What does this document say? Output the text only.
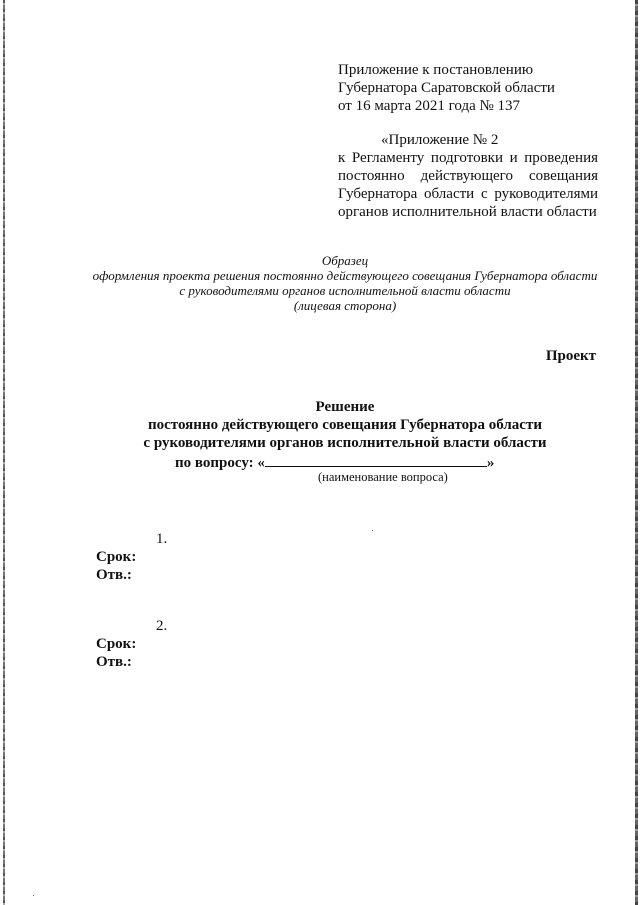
Приложение к постановлению
Губернатора Саратовской области
от 16 марта 2021 года № 137
«Приложение № 2
к Регламенту подготовки и проведения
постоянно действующего совещания
Губернатора области с руководителями
органов исполнительной власти области
Образец
оформления проекта решения постоянно действующего совещания Губернатора области
с руководителями органов исполнительной власти области
(лицевая сторона)
Проект
Решение
постоянно действующего совещания Губернатора области
с руководителями органов исполнительной власти области
по вопросу: «	»
(наименование вопроса)
1.
Срок:
Отв.:
2.
Срок:
Отв.:
